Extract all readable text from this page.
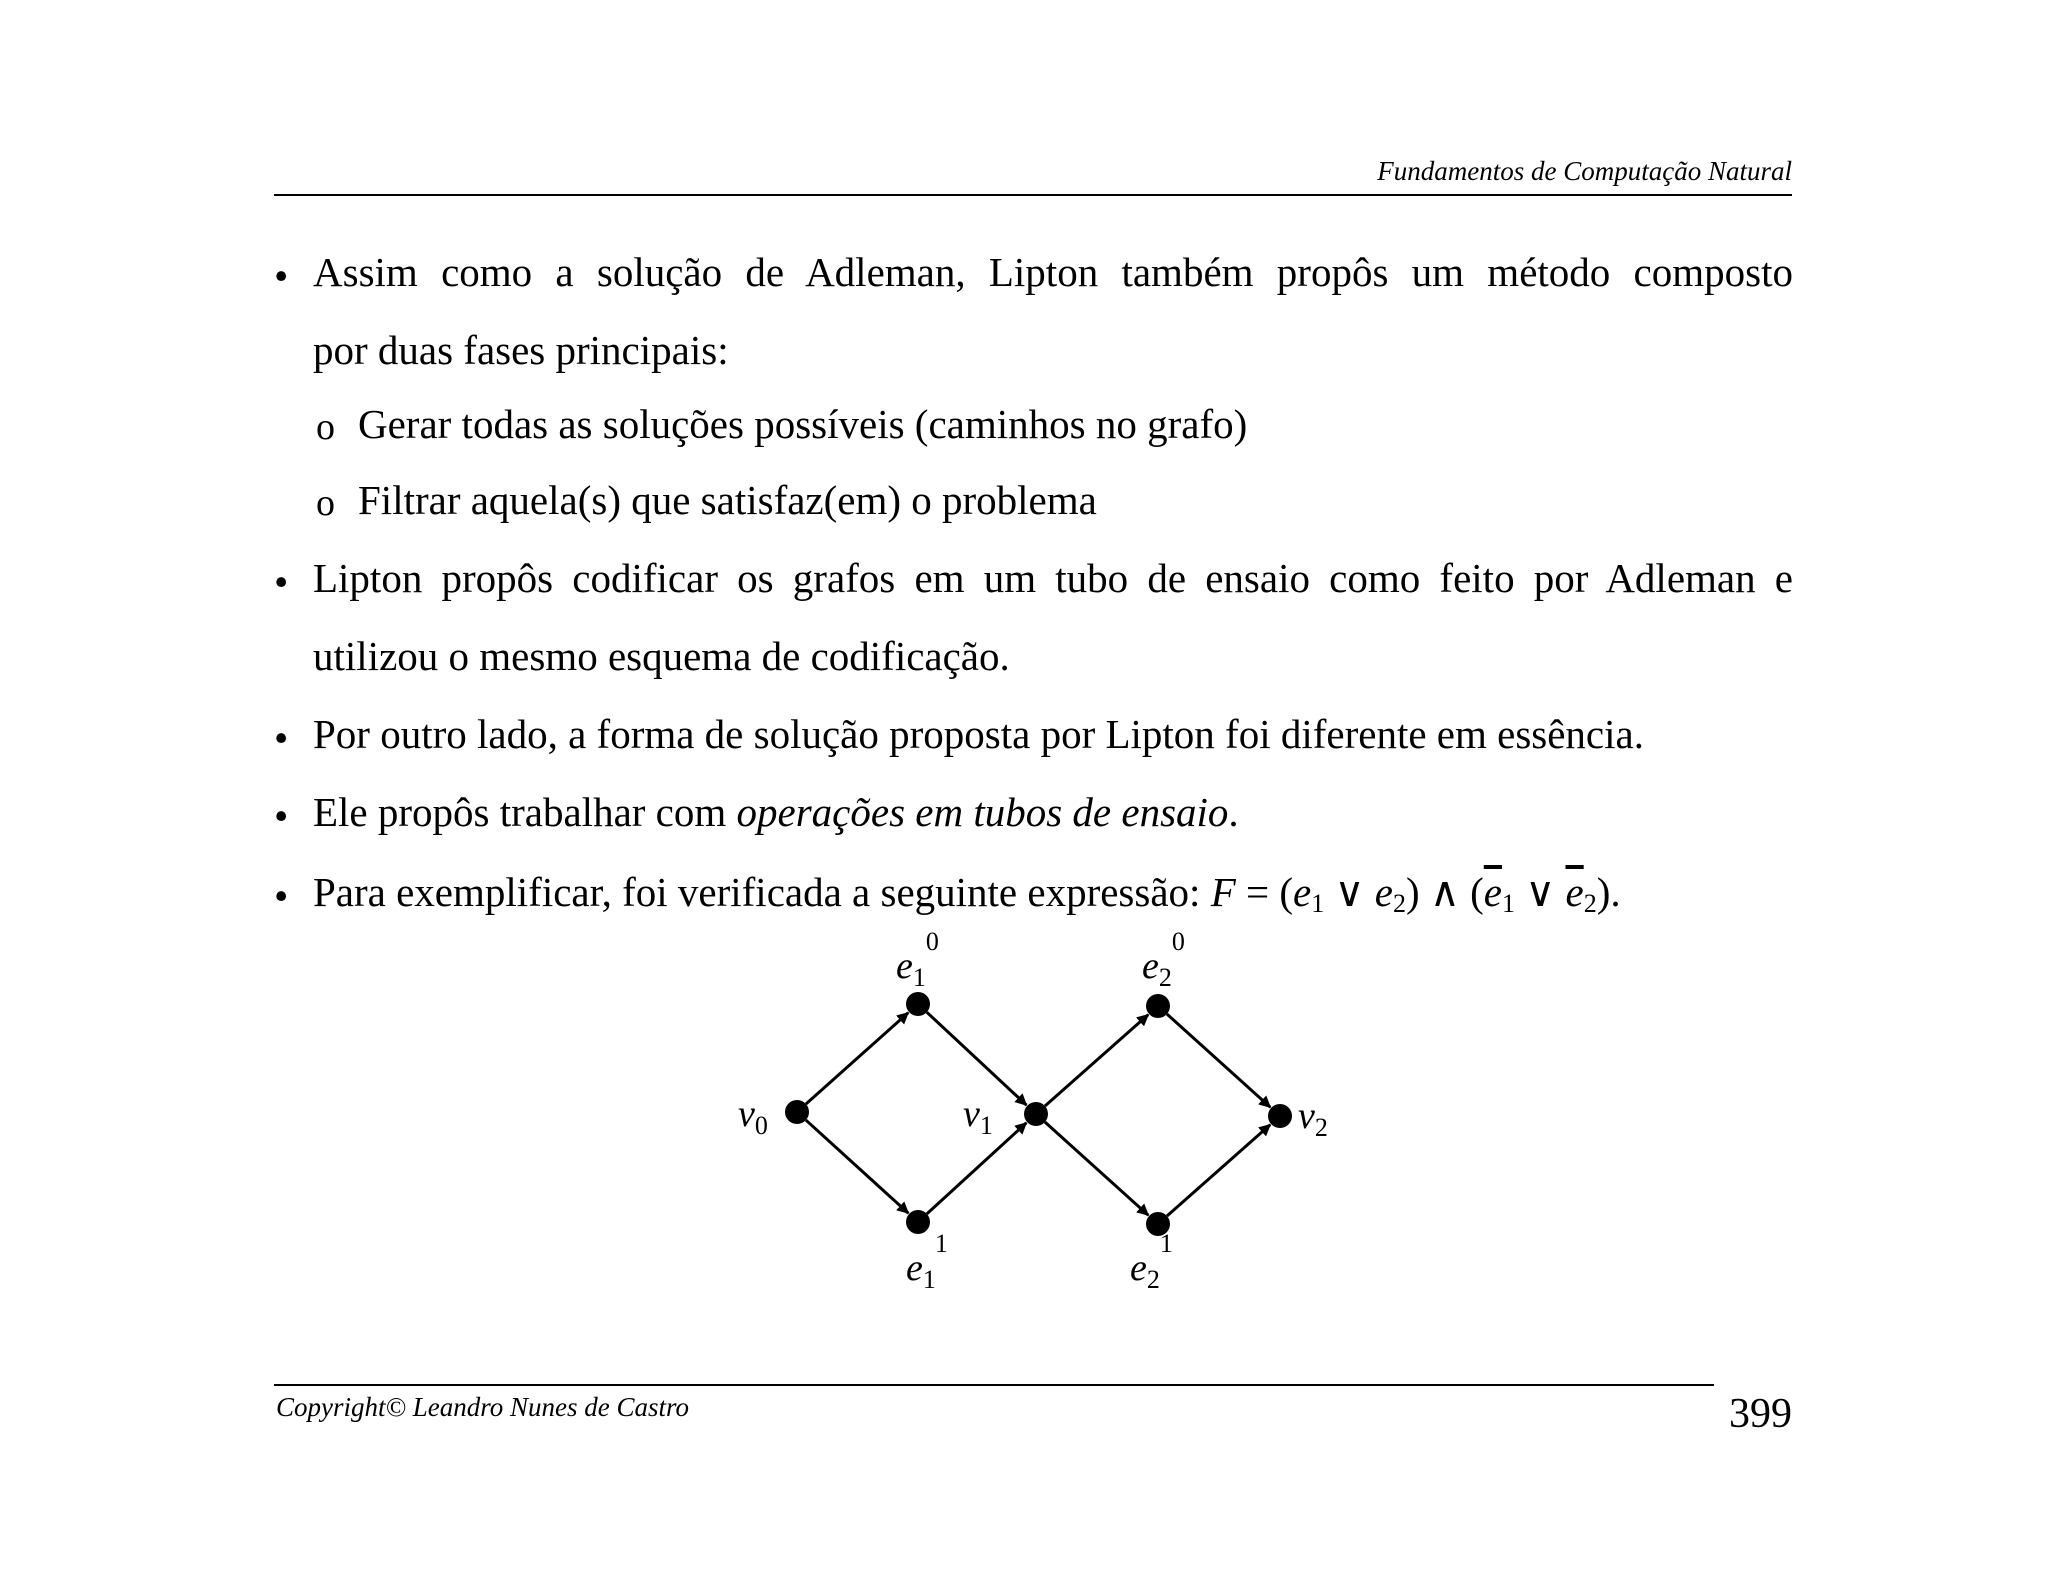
Fundamentos de Computação Natural
• Assim como a solução de Adleman, Lipton também propôs um método composto
por duas fases principais:
o Gerar todas as soluções possíveis (caminhos no grafo)
o Filtrar aquela(s) que satisfaz(em) o problema
• Lipton propôs codificar os grafos em um tubo de ensaio como feito por Adleman e
utilizou o mesmo esquema de codificação.
• Por outro lado, a forma de solução proposta por Lipton foi diferente em essência.
• Ele propôs trabalhar com operações em tubos de ensaio.
• Para exemplificar, foi verificada a seguinte expressão: $F = (e_1$ ∨ $e_2$) ∧ ($\overline{e}_1$ ∨ $\overline{e}_2$).
$v_0$	$v_1$	$v_2$
$e_1^0$
$e_1^1$
$e_2^0$
$e_2^1$
Copyright© Leandro Nunes de Castro	399
